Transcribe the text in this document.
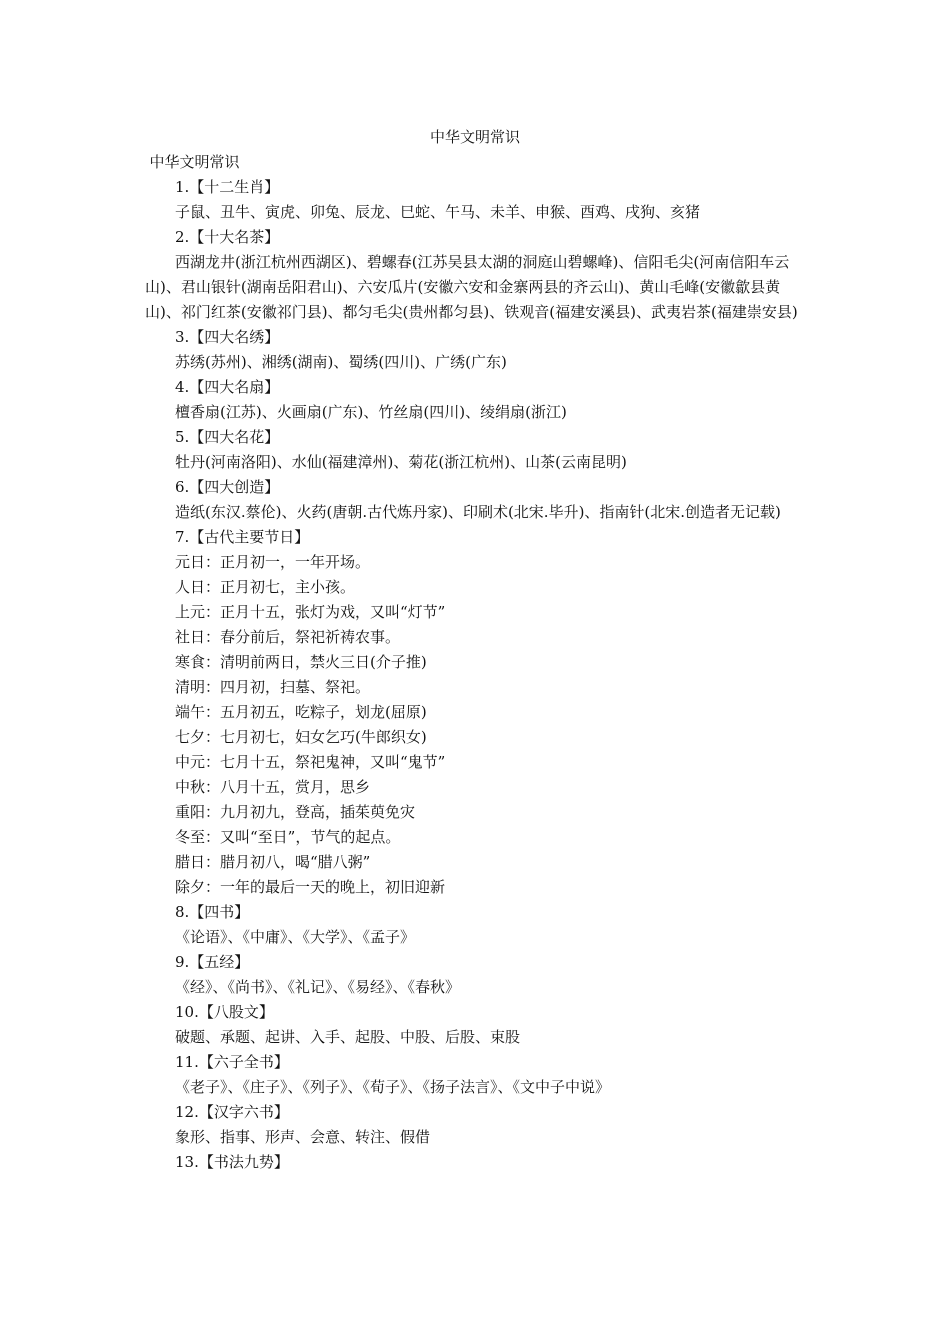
中华文明常识

中华文明常识

1.【十二生肖】

子鼠、丑牛、寅虎、卯兔、辰龙、巳蛇、午马、未羊、申猴、酉鸡、戌狗、亥猪

2.【十大名茶】

西湖龙井(浙江杭州西湖区)、碧螺春(江苏吴县太湖的洞庭山碧螺峰)、信阳毛尖(河南信阳车云山)、君山银针(湖南岳阳君山)、六安瓜片(安徽六安和金寨两县的齐云山)、黄山毛峰(安徽歙县黄山)、祁门红茶(安徽祁门县)、都匀毛尖(贵州都匀县)、铁观音(福建安溪县)、武夷岩茶(福建崇安县)

3.【四大名绣】

苏绣(苏州)、湘绣(湖南)、蜀绣(四川)、广绣(广东)

4.【四大名扇】

檀香扇(江苏)、火画扇(广东)、竹丝扇(四川)、绫绢扇(浙江)

5.【四大名花】

牡丹(河南洛阳)、水仙(福建漳州)、菊花(浙江杭州)、山茶(云南昆明)

6.【四大创造】

造纸(东汉.蔡伦)、火药(唐朝.古代炼丹家)、印刷术(北宋.毕升)、指南针(北宋.创造者无记载)

7.【古代主要节日】

元日：正月初一，一年开场。

人日：正月初七，主小孩。

上元：正月十五，张灯为戏，又叫“灯节”

社日：春分前后，祭祀祈祷农事。

寒食：清明前两日，禁火三日(介子推)

清明：四月初，扫墓、祭祀。

端午：五月初五，吃粽子，划龙(屈原)

七夕：七月初七，妇女乞巧(牛郎织女)

中元：七月十五，祭祀鬼神，又叫“鬼节”

中秋：八月十五，赏月，思乡

重阳：九月初九，登高，插茱萸免灾

冬至：又叫“至日”，节气的起点。

腊日：腊月初八，喝“腊八粥”

除夕：一年的最后一天的晚上，初旧迎新

8.【四书】

《论语》、《中庸》、《大学》、《孟子》

9.【五经】

《经》、《尚书》、《礼记》、《易经》、《春秋》

10.【八股文】

破题、承题、起讲、入手、起股、中股、后股、束股

11.【六子全书】

《老子》、《庄子》、《列子》、《荀子》、《扬子法言》、《文中子中说》

12.【汉字六书】

象形、指事、形声、会意、转注、假借

13.【书法九势】
